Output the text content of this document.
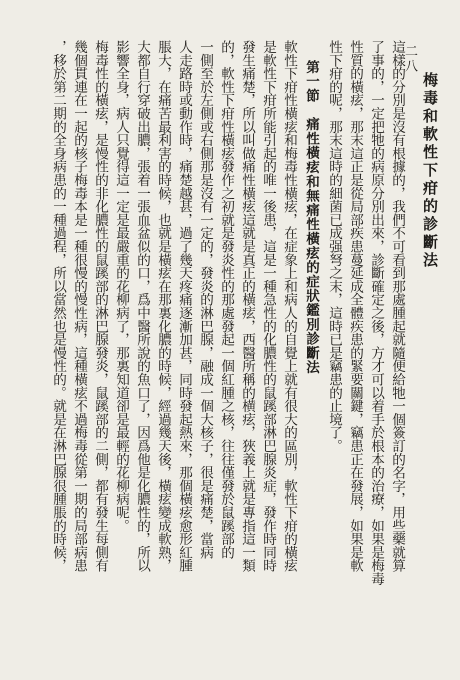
二八
梅毒和軟性下疳的診斷法
這樣的分別是沒有根據的，我們不可看到那處腫起就隨便給牠一個簽訂的名字，用些藥就算
了事的，一定把牠的病原分別出來，診斷確定之後，方才可以着手於根本的治療，如果是梅毒
性質的橫痃，那末這正是從局部疾患蔓延成全體疾患的緊要關鍵，竊患正在發展，如果是軟
性下疳的呢，那末這時的細菌已成强弩之末，這時已是竊患的止境了。
第一節　痛性橫痃和無痛性橫痃的症狀鑑別診斷法
軟性下疳性橫痃和梅毒性橫痃，在症象上和病人的自覺上就有很大的區別，軟性下疳的橫痃
是軟性下疳所能引起的唯一後患，這是一種急性的化膿性的鼠蹊部淋巴腺炎症，發作時同時
發生痛楚，所以叫做痛性橫痃這就是真正的橫痃，西醫所稱的横痃，狹義上就是專指這一類
的，軟性下疳性橫痃發作之初就是發炎性的那處發起一個紅腫之核，往往僅發於鼠蹊部的
一側至於左側或右側那是沒有一定的，發炎的淋巴腺，融成一個大核子，很是痛楚，當病
人走路時或動作時，痛楚越甚，過了幾天疼痛逐漸加甚，同時發起熱來，那個橫痃愈形紅腫
脹大，在痛苦最利害的時候，也就是橫痃在那裏化膿的時候，經過幾天後，橫痃變成軟熟，
大都自行穿破出膿，張着一張血盆似的口，爲中醫所說的魚口了，因爲他是化膿性的，所以
影響全身，病人只覺得這一定是最嚴重的花柳病了，那裏知道卻是最輕的花柳病呢。
梅毒性的橫痃，是慢性的非化膿性的鼠蹊部的淋巴腺發炎，鼠蹊部的二側，都有發生每側有
幾個貫連在一起的核子梅毒本是一種很慢的慢性病，這種橫痃不過梅毒從第一期的局部病患
，移於第二期的全身病患的一種過程，所以當然也是慢性的。就是在淋巴腺很腫脹的時候，
